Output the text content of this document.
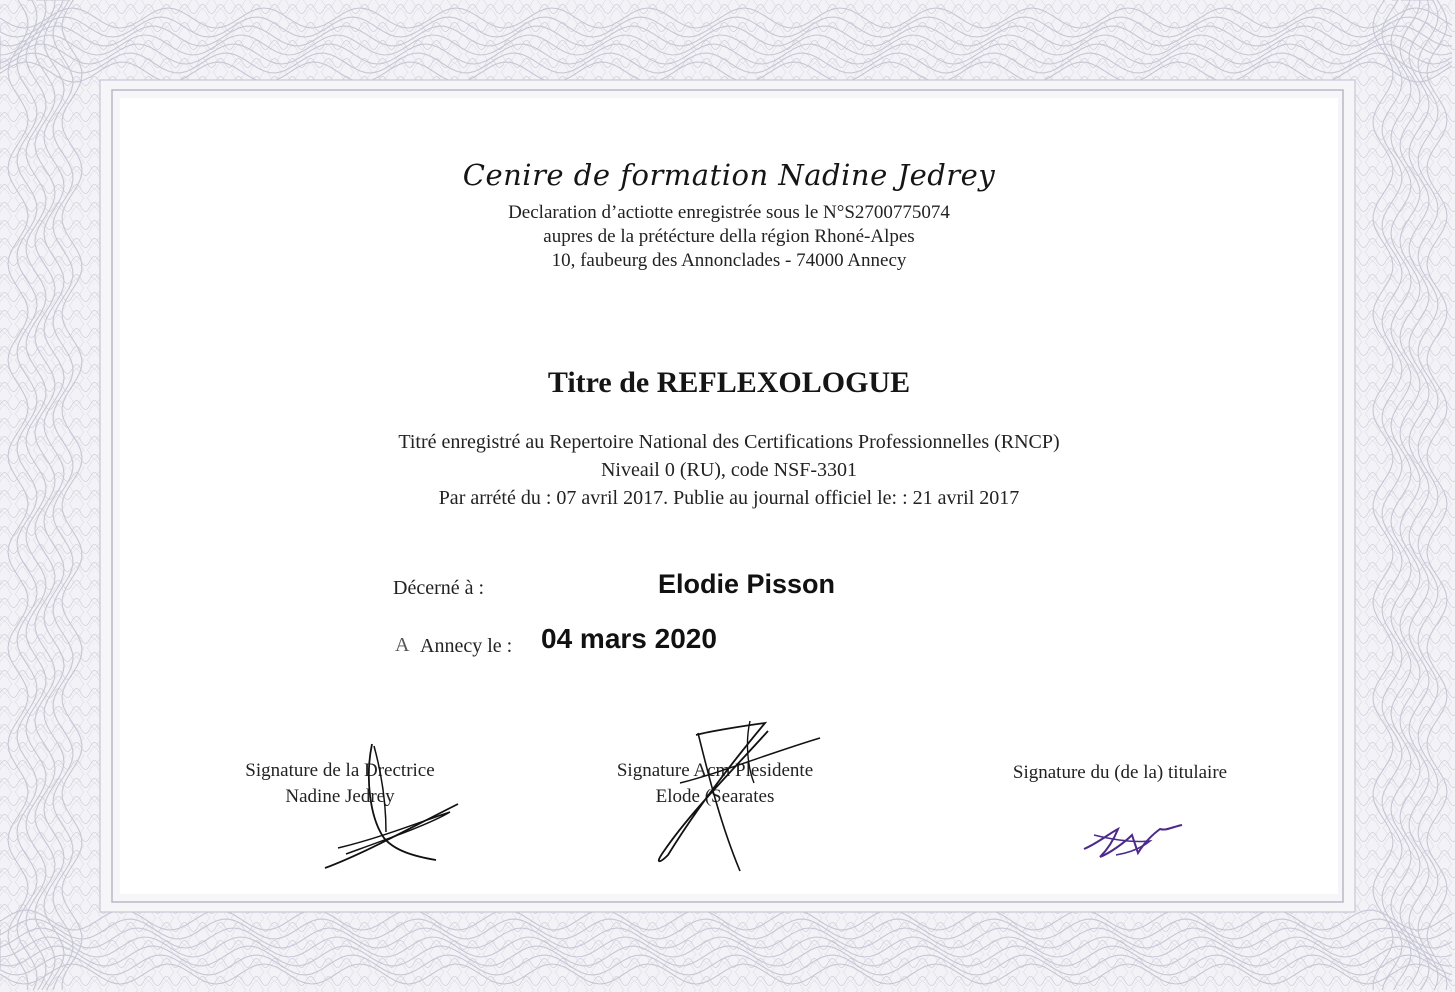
Cenire de formation Nadine Jedrey
Declaration d’actiotte enregistrée sous le N°S2700775074
aupres de la prétécture della région Rhoné-Alpes
10, faubeurg des Annonclades - 74000 Annecy
Titre de REFLEXOLOGUE
Titré enregistré au Repertoire National des Certifications Professionnelles (RNCP)
Niveail 0 (RU), code NSF-3301
Par arrété du : 07 avril 2017. Publie au journal officiel le: : 21 avril 2017
Décerné à :	Elodie Pisson
A Annecy le : 04 mars 2020
Signature de la Drectrice
Nadine Jedrey
Signature Acm Plesidente
Elode (Searates
Signature du (de la) titulaire
